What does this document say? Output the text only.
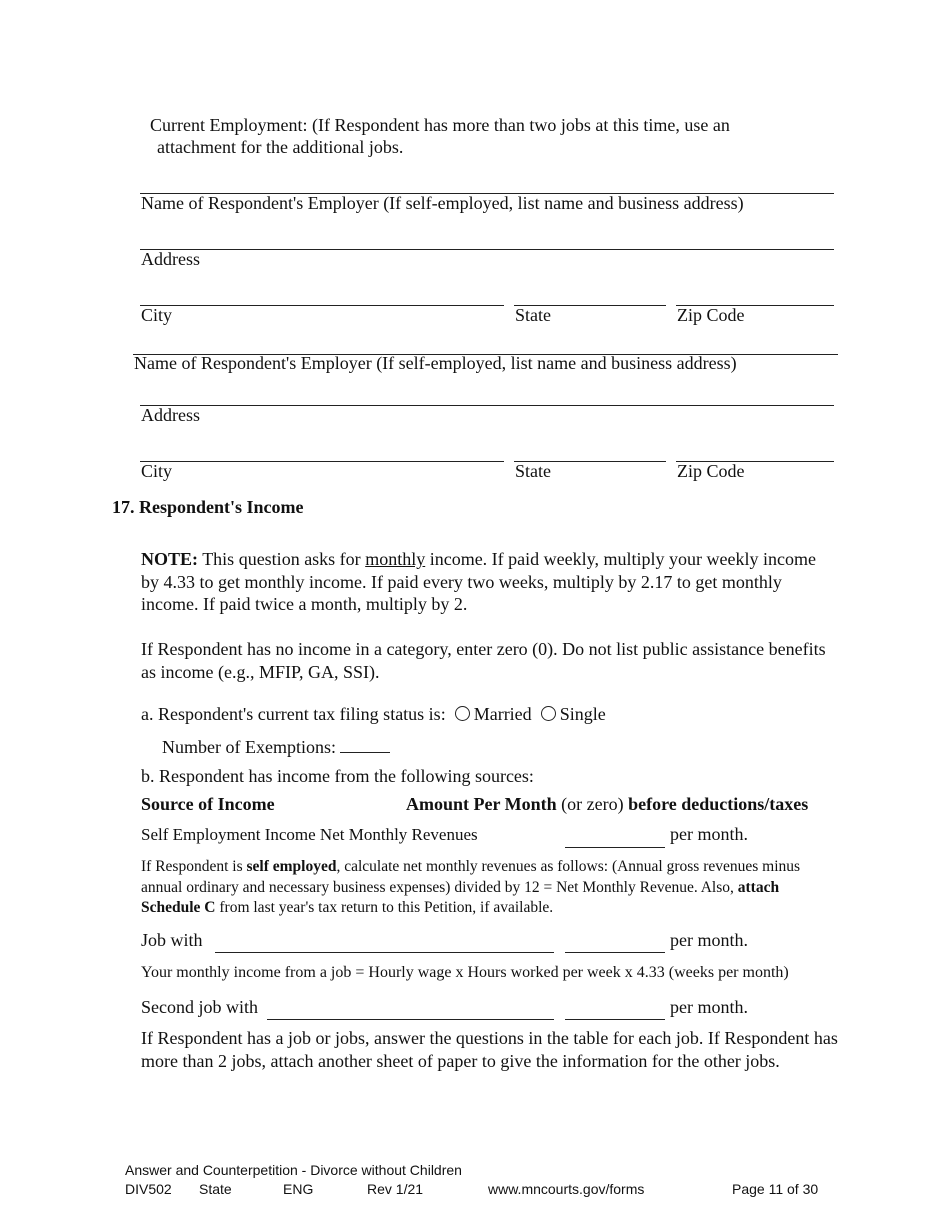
Current Employment: (If Respondent has more than two jobs at this time, use an
attachment for the additional jobs.
Name of Respondent's Employer (If self-employed, list name and business address)
Address
City	State	Zip Code
Name of Respondent's Employer (If self-employed, list name and business address)
Address
City	State	Zip Code
17. Respondent's Income
NOTE: This question asks for monthly income. If paid weekly, multiply your weekly income by 4.33 to get monthly income. If paid every two weeks, multiply by 2.17 to get monthly income. If paid twice a month, multiply by 2.
If Respondent has no income in a category, enter zero (0). Do not list public assistance benefits as income (e.g., MFIP, GA, SSI).
a. Respondent's current tax filing status is: Married Single
Number of Exemptions:
b. Respondent has income from the following sources:
Source of Income	Amount Per Month (or zero) before deductions/taxes
Self Employment Income Net Monthly Revenues	per month.
If Respondent is self employed, calculate net monthly revenues as follows: (Annual gross revenues minus annual ordinary and necessary business expenses) divided by 12 = Net Monthly Revenue. Also, attach Schedule C from last year's tax return to this Petition, if available.
Job with	per month.
Your monthly income from a job = Hourly wage x Hours worked per week x 4.33 (weeks per month)
Second job with	per month.
If Respondent has a job or jobs, answer the questions in the table for each job. If Respondent has more than 2 jobs, attach another sheet of paper to give the information for the other jobs.
Answer and Counterpetition - Divorce without Children
DIV502 State	ENG	Rev 1/21	www.mncourts.gov/forms	Page 11 of 30
